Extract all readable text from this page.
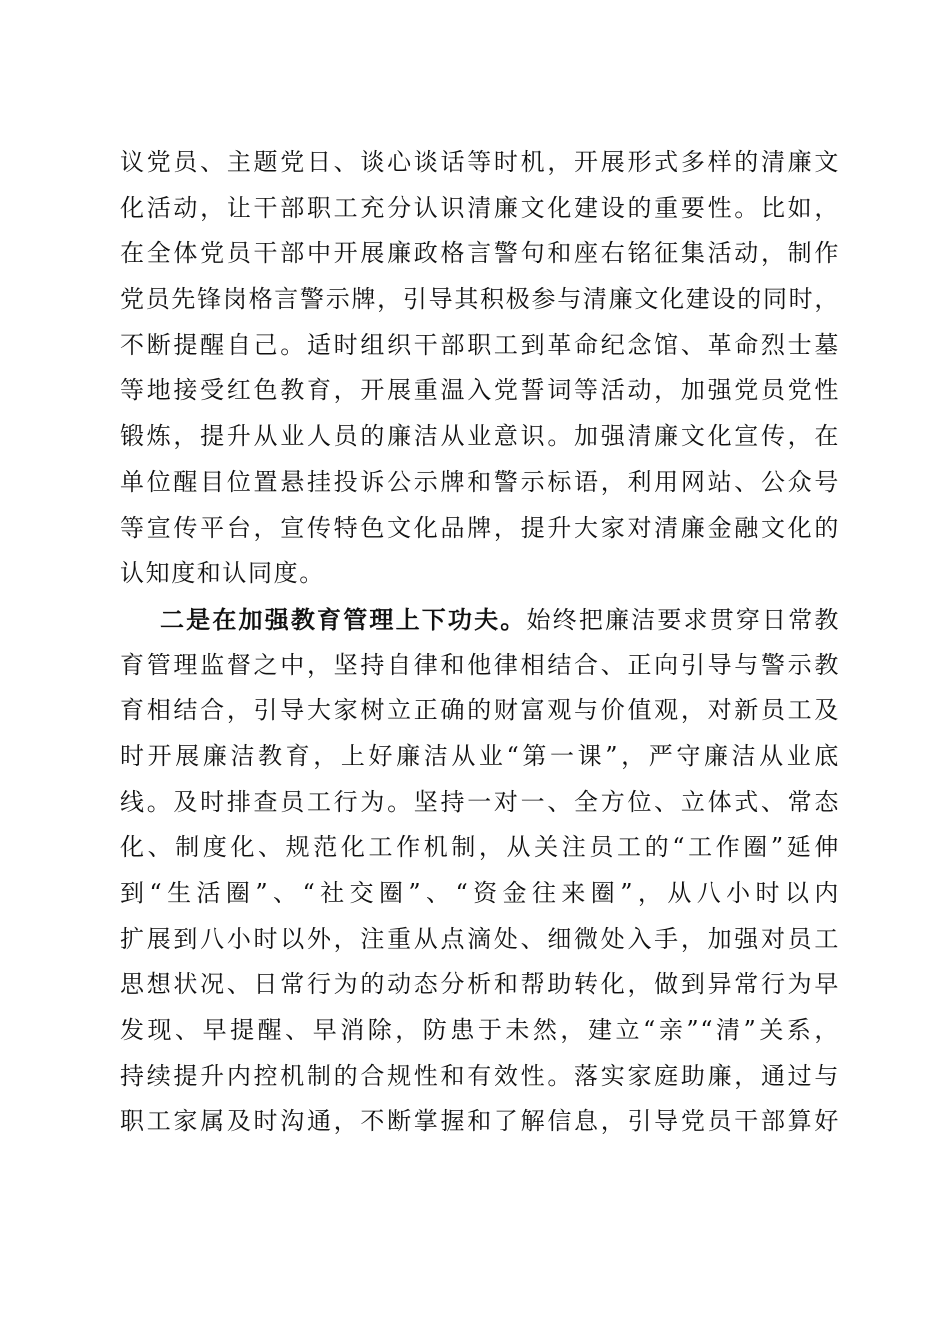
议党员、主题党日、谈心谈话等时机，开展形式多样的清廉文
化活动，让干部职工充分认识清廉文化建设的重要性。比如，
在全体党员干部中开展廉政格言警句和座右铭征集活动，制作
党员先锋岗格言警示牌，引导其积极参与清廉文化建设的同时，
不断提醒自己。适时组织干部职工到革命纪念馆、革命烈士墓
等地接受红色教育，开展重温入党誓词等活动，加强党员党性
锻炼，提升从业人员的廉洁从业意识。加强清廉文化宣传，在
单位醒目位置悬挂投诉公示牌和警示标语，利用网站、公众号
等宣传平台，宣传特色文化品牌，提升大家对清廉金融文化的
认知度和认同度。
二是在加强教育管理上下功夫。始终把廉洁要求贯穿日常教
育管理监督之中，坚持自律和他律相结合、正向引导与警示教
育相结合，引导大家树立正确的财富观与价值观，对新员工及
时开展廉洁教育，上好廉洁从业“第一课”，严守廉洁从业底
线。及时排查员工行为。坚持一对一、全方位、立体式、常态
化、制度化、规范化工作机制，从关注员工的“工作圈”延伸
到“生活圈”、“社交圈”、“资金往来圈”，从八小时以内
扩展到八小时以外，注重从点滴处、细微处入手，加强对员工
思想状况、日常行为的动态分析和帮助转化，做到异常行为早
发现、早提醒、早消除，防患于未然，建立“亲”“清”关系，
持续提升内控机制的合规性和有效性。落实家庭助廉，通过与
职工家属及时沟通，不断掌握和了解信息，引导党员干部算好
